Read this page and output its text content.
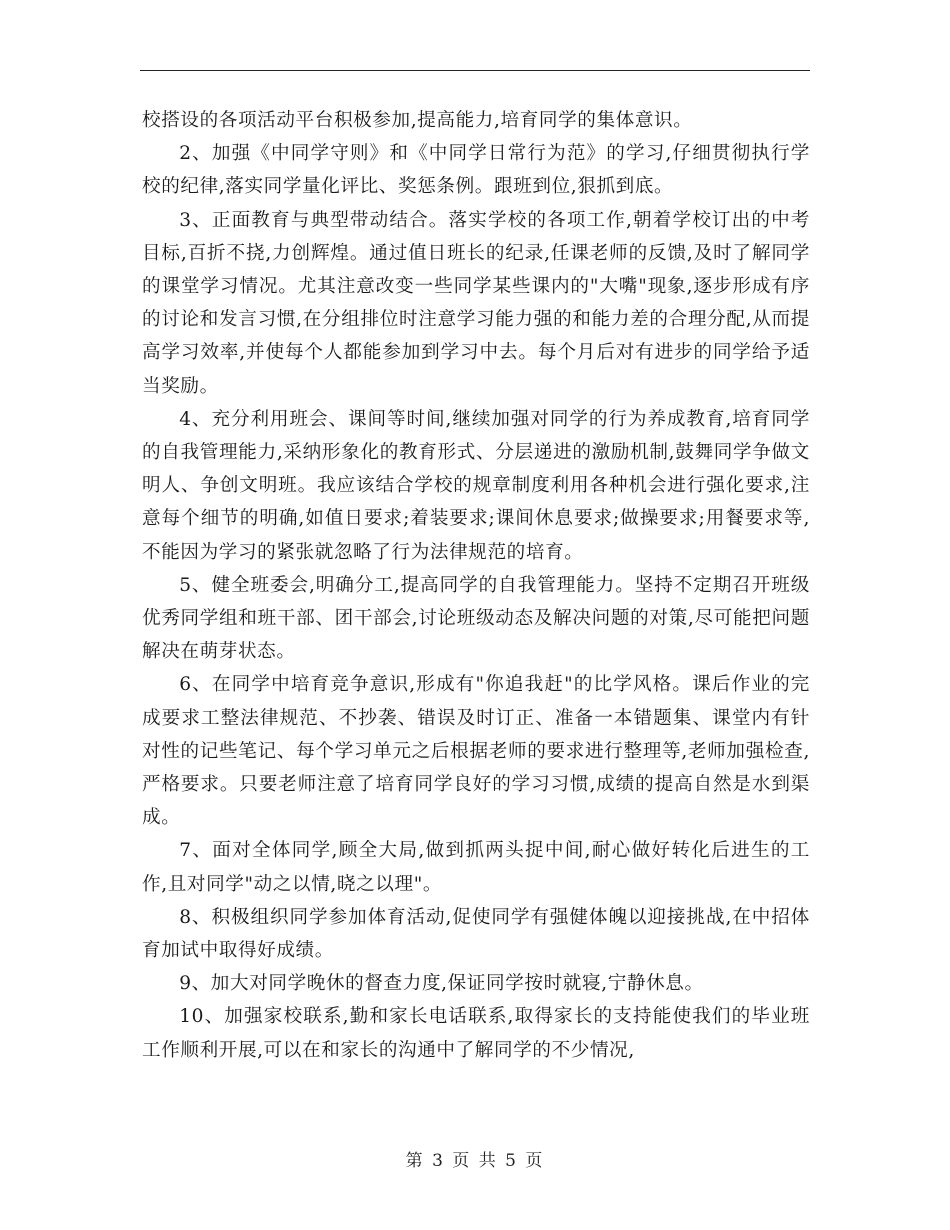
校搭设的各项活动平台积极参加,提高能力,培育同学的集体意识。

2、加强《中同学守则》和《中同学日常行为范》的学习,仔细贯彻执行学校的纪律,落实同学量化评比、奖惩条例。跟班到位,狠抓到底。

3、正面教育与典型带动结合。落实学校的各项工作,朝着学校订出的中考目标,百折不挠,力创辉煌。通过值日班长的纪录,任课老师的反馈,及时了解同学的课堂学习情况。尤其注意改变一些同学某些课内的"大嘴"现象,逐步形成有序的讨论和发言习惯,在分组排位时注意学习能力强的和能力差的合理分配,从而提高学习效率,并使每个人都能参加到学习中去。每个月后对有进步的同学给予适当奖励。

4、充分利用班会、课间等时间,继续加强对同学的行为养成教育,培育同学的自我管理能力,采纳形象化的教育形式、分层递进的激励机制,鼓舞同学争做文明人、争创文明班。我应该结合学校的规章制度利用各种机会进行强化要求,注意每个细节的明确,如值日要求;着装要求;课间休息要求;做操要求;用餐要求等,不能因为学习的紧张就忽略了行为法律规范的培育。

5、健全班委会,明确分工,提高同学的自我管理能力。坚持不定期召开班级优秀同学组和班干部、团干部会,讨论班级动态及解决问题的对策,尽可能把问题解决在萌芽状态。

6、在同学中培育竞争意识,形成有"你追我赶"的比学风格。课后作业的完成要求工整法律规范、不抄袭、错误及时订正、准备一本错题集、课堂内有针对性的记些笔记、每个学习单元之后根据老师的要求进行整理等,老师加强检查,严格要求。只要老师注意了培育同学良好的学习习惯,成绩的提高自然是水到渠成。

7、面对全体同学,顾全大局,做到抓两头捉中间,耐心做好转化后进生的工作,且对同学"动之以情,晓之以理"。

8、积极组织同学参加体育活动,促使同学有强健体魄以迎接挑战,在中招体育加试中取得好成绩。

9、加大对同学晚休的督查力度,保证同学按时就寝,宁静休息。

10、加强家校联系,勤和家长电话联系,取得家长的支持能使我们的毕业班工作顺利开展,可以在和家长的沟通中了解同学的不少情况,

第 3 页 共 5 页
